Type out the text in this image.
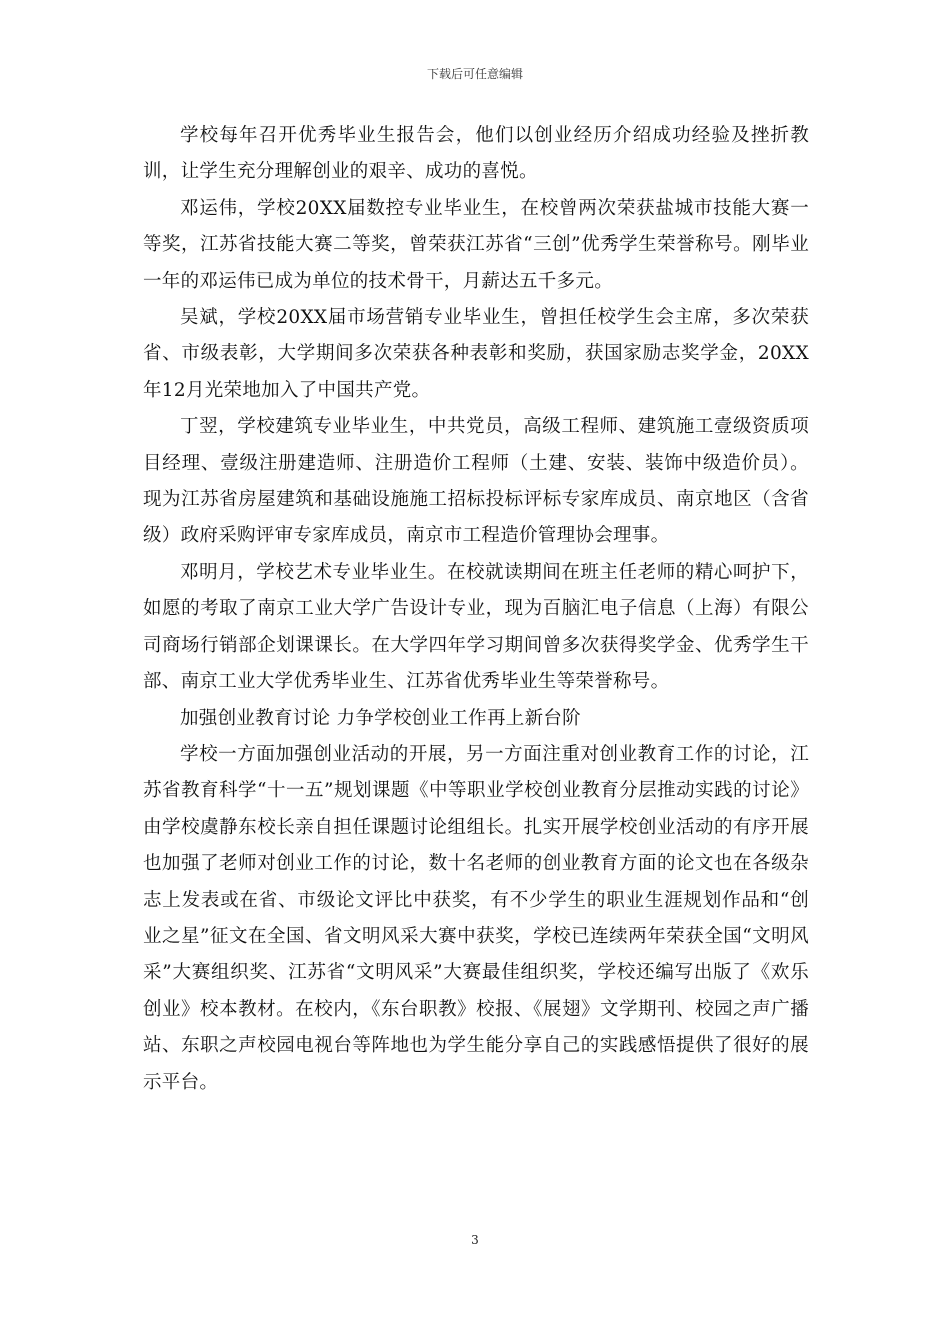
下载后可任意编辑

学校每年召开优秀毕业生报告会，他们以创业经历介绍成功经验及挫折教训，让学生充分理解创业的艰辛、成功的喜悦。

邓运伟，学校20XX届数控专业毕业生，在校曾两次荣获盐城市技能大赛一等奖，江苏省技能大赛二等奖，曾荣获江苏省“三创”优秀学生荣誉称号。刚毕业一年的邓运伟已成为单位的技术骨干，月薪达五千多元。

吴斌，学校20XX届市场营销专业毕业生，曾担任校学生会主席，多次荣获省、市级表彰，大学期间多次荣获各种表彰和奖励，获国家励志奖学金，20XX年12月光荣地加入了中国共产党。

丁翌，学校建筑专业毕业生，中共党员，高级工程师、建筑施工壹级资质项目经理、壹级注册建造师、注册造价工程师（土建、安装、装饰中级造价员）。现为江苏省房屋建筑和基础设施施工招标投标评标专家库成员、南京地区（含省级）政府采购评审专家库成员，南京市工程造价管理协会理事。

邓明月，学校艺术专业毕业生。在校就读期间在班主任老师的精心呵护下，如愿的考取了南京工业大学广告设计专业，现为百脑汇电子信息（上海）有限公司商场行销部企划课课长。在大学四年学习期间曾多次获得奖学金、优秀学生干部、南京工业大学优秀毕业生、江苏省优秀毕业生等荣誉称号。

加强创业教育讨论 力争学校创业工作再上新台阶

学校一方面加强创业活动的开展，另一方面注重对创业教育工作的讨论，江苏省教育科学“十一五”规划课题《中等职业学校创业教育分层推动实践的讨论》由学校虞静东校长亲自担任课题讨论组组长。扎实开展学校创业活动的有序开展也加强了老师对创业工作的讨论，数十名老师的创业教育方面的论文也在各级杂志上发表或在省、市级论文评比中获奖，有不少学生的职业生涯规划作品和“创业之星”征文在全国、省文明风采大赛中获奖，学校已连续两年荣获全国“文明风采”大赛组织奖、江苏省“文明风采”大赛最佳组织奖，学校还编写出版了《欢乐创业》校本教材。在校内，《东台职教》校报、《展翅》文学期刊、校园之声广播站、东职之声校园电视台等阵地也为学生能分享自己的实践感悟提供了很好的展示平台。

3
